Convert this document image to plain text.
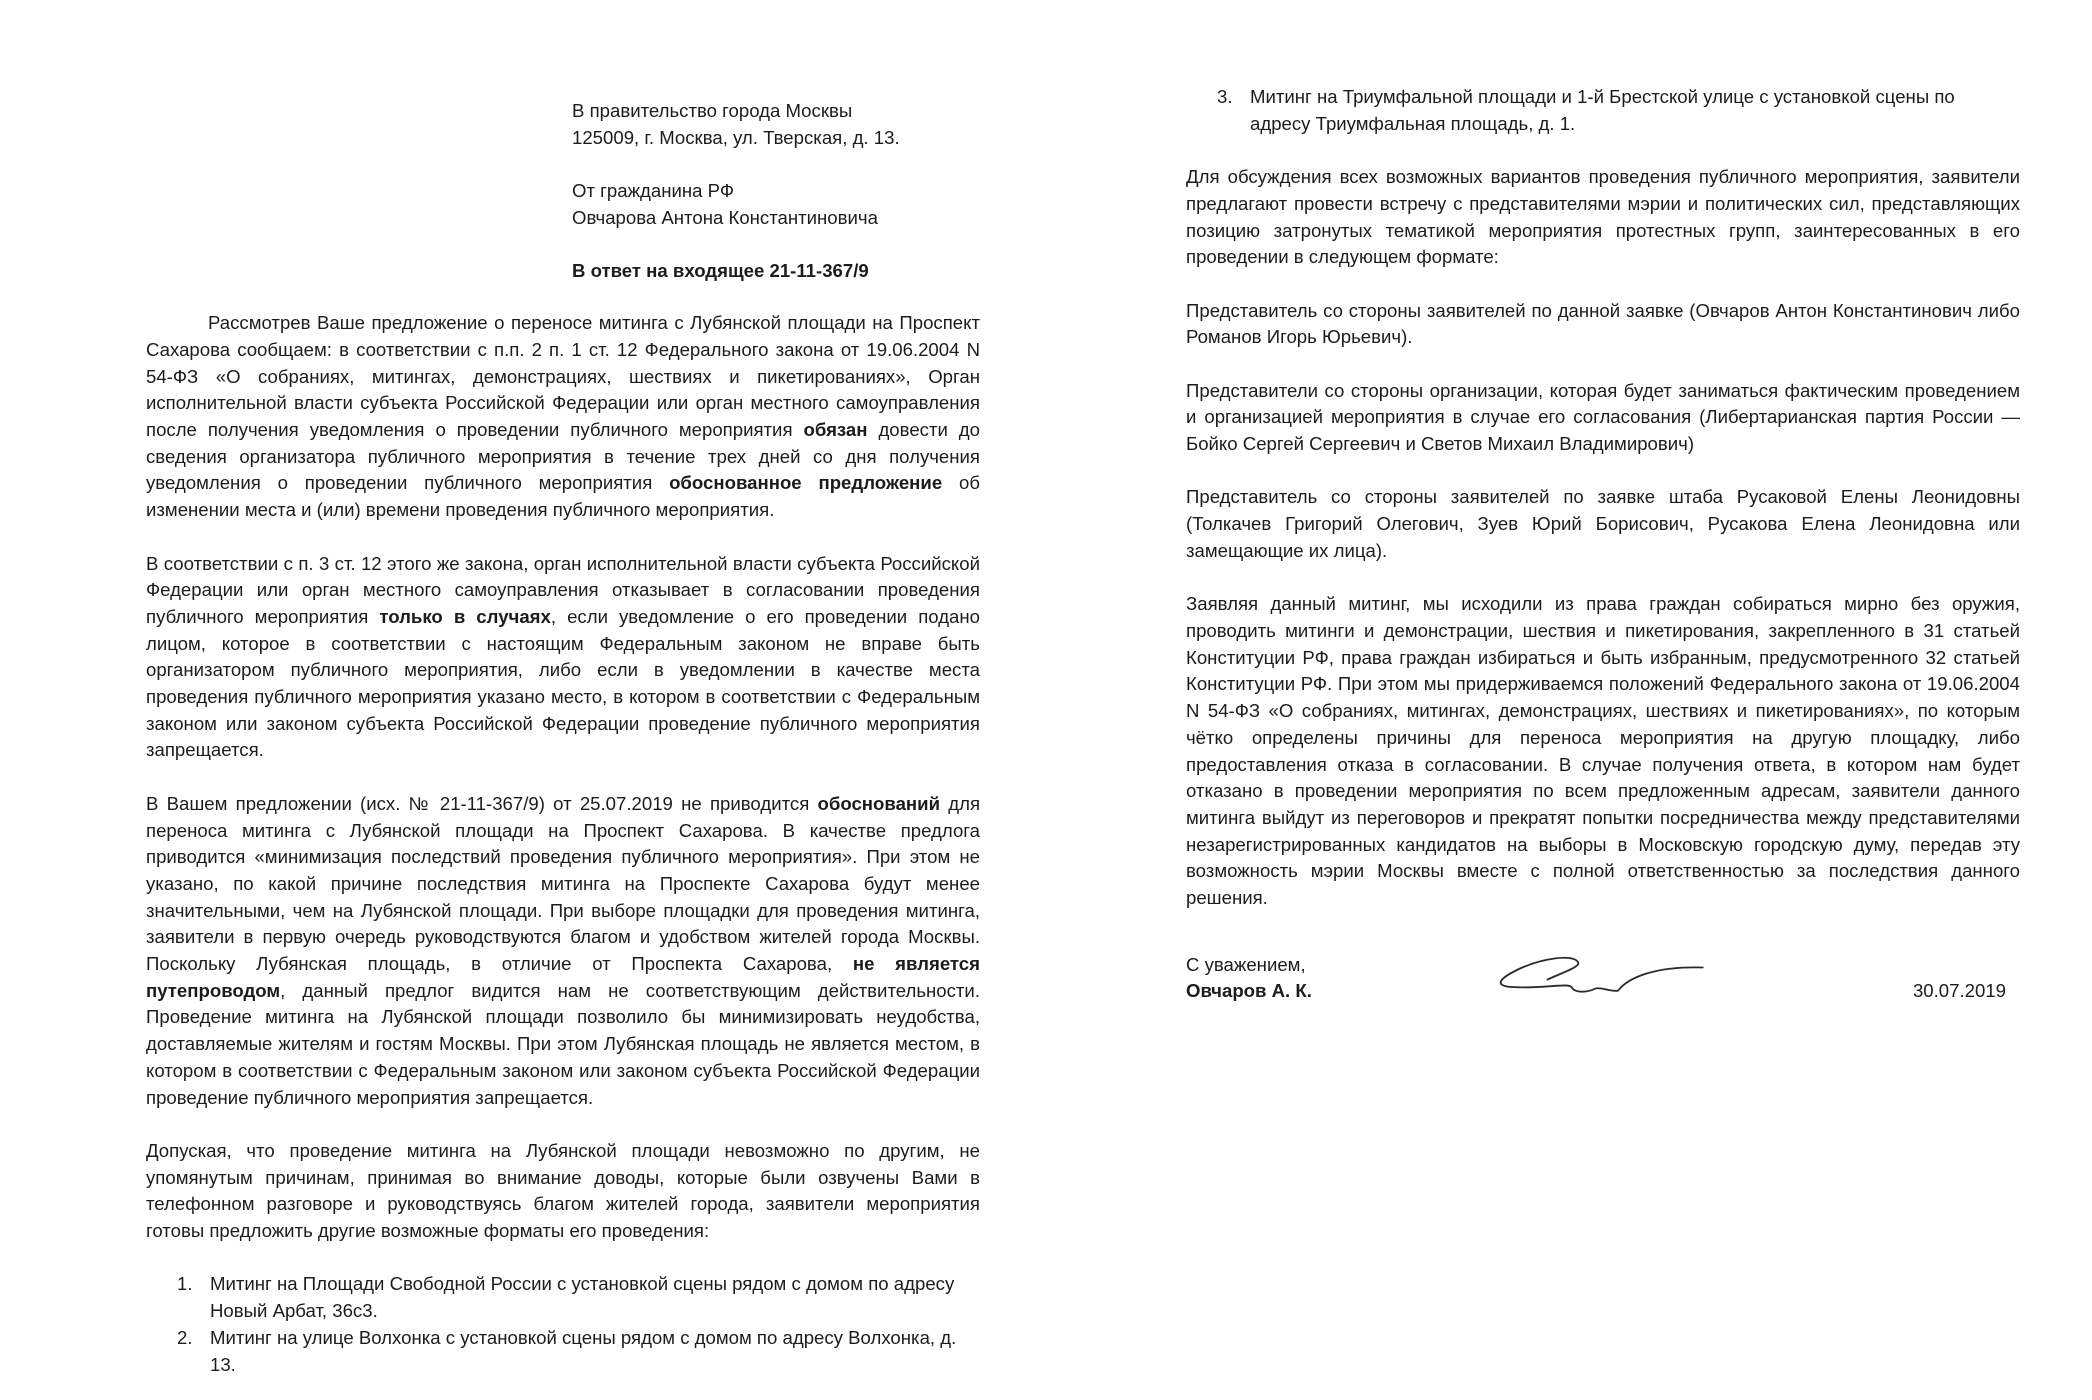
В правительство города Москвы

125009, г. Москва, ул. Тверская, д. 13.

От гражданина РФ

Овчарова Антона Константиновича

В ответ на входящее 21-11-367/9

Рассмотрев Ваше предложение о переносе митинга с Лубянской площади на Проспект Сахарова сообщаем: в соответствии с п.п. 2 п. 1 ст. 12 Федерального закона от 19.06.2004 N 54-ФЗ «О собраниях, митингах, демонстрациях, шествиях и пикетированиях», Орган исполнительной власти субъекта Российской Федерации или орган местного самоуправления после получения уведомления о проведении публичного мероприятия обязан довести до сведения организатора публичного мероприятия в течение трех дней со дня получения уведомления о проведении публичного мероприятия обоснованное предложение об изменении места и (или) времени проведения публичного мероприятия.

В соответствии с п. 3 ст. 12 этого же закона, орган исполнительной власти субъекта Российской Федерации или орган местного самоуправления отказывает в согласовании проведения публичного мероприятия только в случаях, если уведомление о его проведении подано лицом, которое в соответствии с настоящим Федеральным законом не вправе быть организатором публичного мероприятия, либо если в уведомлении в качестве места проведения публичного мероприятия указано место, в котором в соответствии с Федеральным законом или законом субъекта Российской Федерации проведение публичного мероприятия запрещается.

В Вашем предложении (исх. № 21-11-367/9) от 25.07.2019 не приводится обоснований для переноса митинга с Лубянской площади на Проспект Сахарова. В качестве предлога приводится «минимизация последствий проведения публичного мероприятия». При этом не указано, по какой причине последствия митинга на Проспекте Сахарова будут менее значительными, чем на Лубянской площади. При выборе площадки для проведения митинга, заявители в первую очередь руководствуются благом и удобством жителей города Москвы. Поскольку Лубянская площадь, в отличие от Проспекта Сахарова, не является путепроводом, данный предлог видится нам не соответствующим действительности. Проведение митинга на Лубянской площади позволило бы минимизировать неудобства, доставляемые жителям и гостям Москвы. При этом Лубянская площадь не является местом, в котором в соответствии с Федеральным законом или законом субъекта Российской Федерации проведение публичного мероприятия запрещается.

Допуская, что проведение митинга на Лубянской площади невозможно по другим, не упомянутым причинам, принимая во внимание доводы, которые были озвучены Вами в телефонном разговоре и руководствуясь благом жителей города, заявители мероприятия готовы предложить другие возможные форматы его проведения:

1. Митинг на Площади Свободной России с установкой сцены рядом с домом по адресу Новый Арбат, 36с3.
2. Митинг на улице Волхонка с установкой сцены рядом с домом по адресу Волхонка, д. 13.
3. Митинг на Триумфальной площади и 1-й Брестской улице с установкой сцены по адресу Триумфальная площадь, д. 1.

Для обсуждения всех возможных вариантов проведения публичного мероприятия, заявители предлагают провести встречу с представителями мэрии и политических сил, представляющих позицию затронутых тематикой мероприятия протестных групп, заинтересованных в его проведении в следующем формате:

Представитель со стороны заявителей по данной заявке (Овчаров Антон Константинович либо Романов Игорь Юрьевич).

Представители со стороны организации, которая будет заниматься фактическим проведением и организацией мероприятия в случае его согласования (Либертарианская партия России — Бойко Сергей Сергеевич и Светов Михаил Владимирович)

Представитель со стороны заявителей по заявке штаба Русаковой Елены Леонидовны (Толкачев Григорий Олегович, Зуев Юрий Борисович, Русакова Елена Леонидовна или замещающие их лица).

Заявляя данный митинг, мы исходили из права граждан собираться мирно без оружия, проводить митинги и демонстрации, шествия и пикетирования, закрепленного в 31 статьей Конституции РФ, права граждан избираться и быть избранным, предусмотренного 32 статьей Конституции РФ. При этом мы придерживаемся положений Федерального закона от 19.06.2004 N 54-ФЗ «О собраниях, митингах, демонстрациях, шествиях и пикетированиях», по которым чётко определены причины для переноса мероприятия на другую площадку, либо предоставления отказа в согласовании. В случае получения ответа, в котором нам будет отказано в проведении мероприятия по всем предложенным адресам, заявители данного митинга выйдут из переговоров и прекратят попытки посредничества между представителями незарегистрированных кандидатов на выборы в Московскую городскую думу, передав эту возможность мэрии Москвы вместе с полной ответственностью за последствия данного решения.

С уважением,
Овчаров А. К.	30.07.2019
